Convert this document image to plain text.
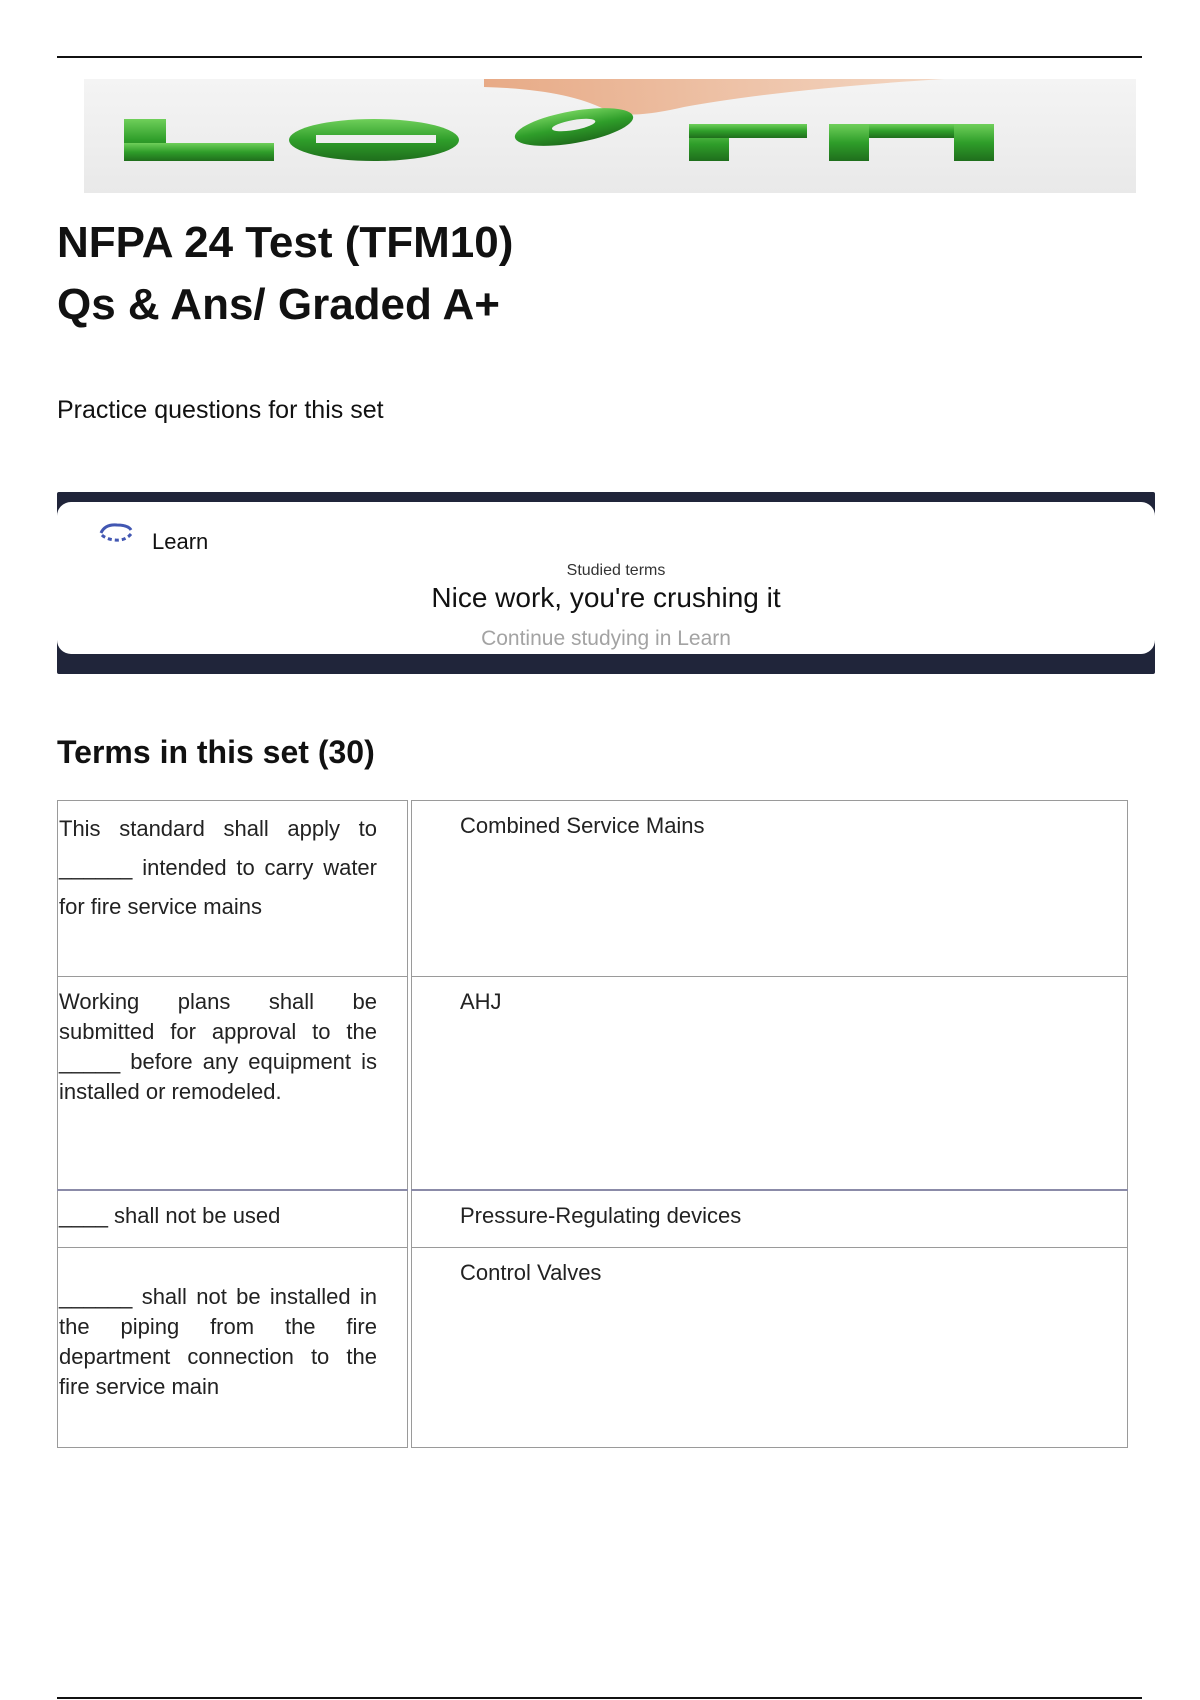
NFPA 24 Test (TFM10)
Qs & Ans/ Graded A+
Practice questions for this set
Learn
Studied terms
Nice work, you're crushing it
Continue studying in Learn
Terms in this set (30)
This standard shall apply to ______ intended to carry water for fire service mains		Combined Service Mains
Working plans shall be submitted for approval to the _____ before any equipment is installed or remodeled.		AHJ
____ shall not be used		Pressure-Regulating devices
______ shall not be installed in the piping from the fire department connection to the fire service main		Control Valves
